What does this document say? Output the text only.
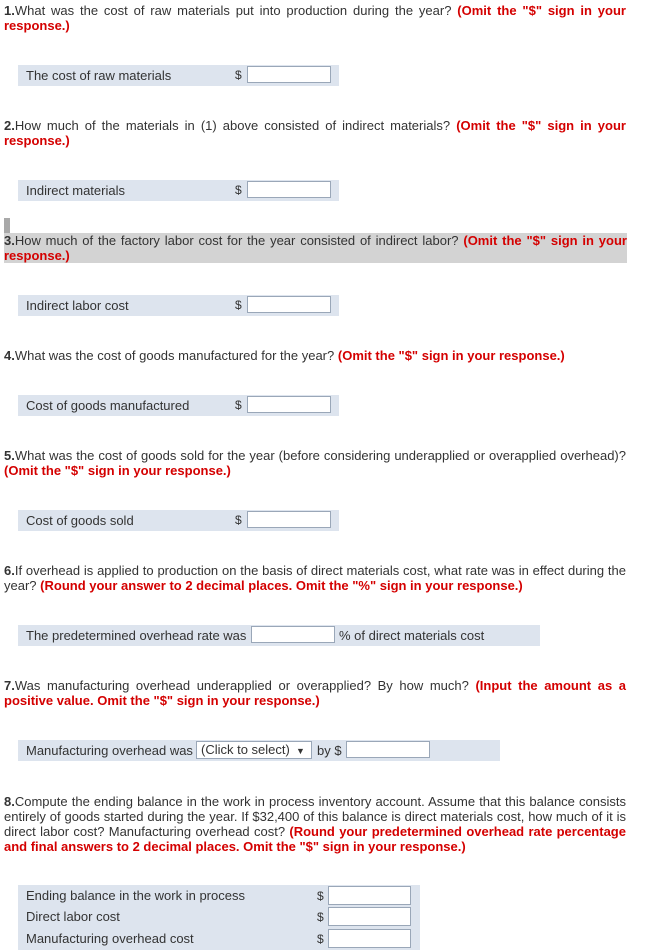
1.What was the cost of raw materials put into production during the year? (Omit the "$" sign in your response.)
The cost of raw materials	$
2.How much of the materials in (1) above consisted of indirect materials? (Omit the "$" sign in your response.)
Indirect materials	$
3.How much of the factory labor cost for the year consisted of indirect labor? (Omit the "$" sign in your response.)
Indirect labor cost	$
4.What was the cost of goods manufactured for the year? (Omit the "$" sign in your response.)
Cost of goods manufactured	$
5.What was the cost of goods sold for the year (before considering underapplied or overapplied overhead)? (Omit the "$" sign in your response.)
Cost of goods sold	$
6.If overhead is applied to production on the basis of direct materials cost, what rate was in effect during the year? (Round your answer to 2 decimal places. Omit the "%" sign in your response.)
The predetermined overhead rate was	% of direct materials cost
7.Was manufacturing overhead underapplied or overapplied? By how much? (Input the amount as a positive value. Omit the "$" sign in your response.)
Manufacturing overhead was (Click to select)  ▼ by $
8.Compute the ending balance in the work in process inventory account. Assume that this balance consists entirely of goods started during the year. If $32,400 of this balance is direct materials cost, how much of it is direct labor cost? Manufacturing overhead cost? (Round your predetermined overhead rate percentage and final answers to 2 decimal places. Omit the "$" sign in your response.)
Ending balance in the work in process	$
Direct labor cost	$
Manufacturing overhead cost	$
